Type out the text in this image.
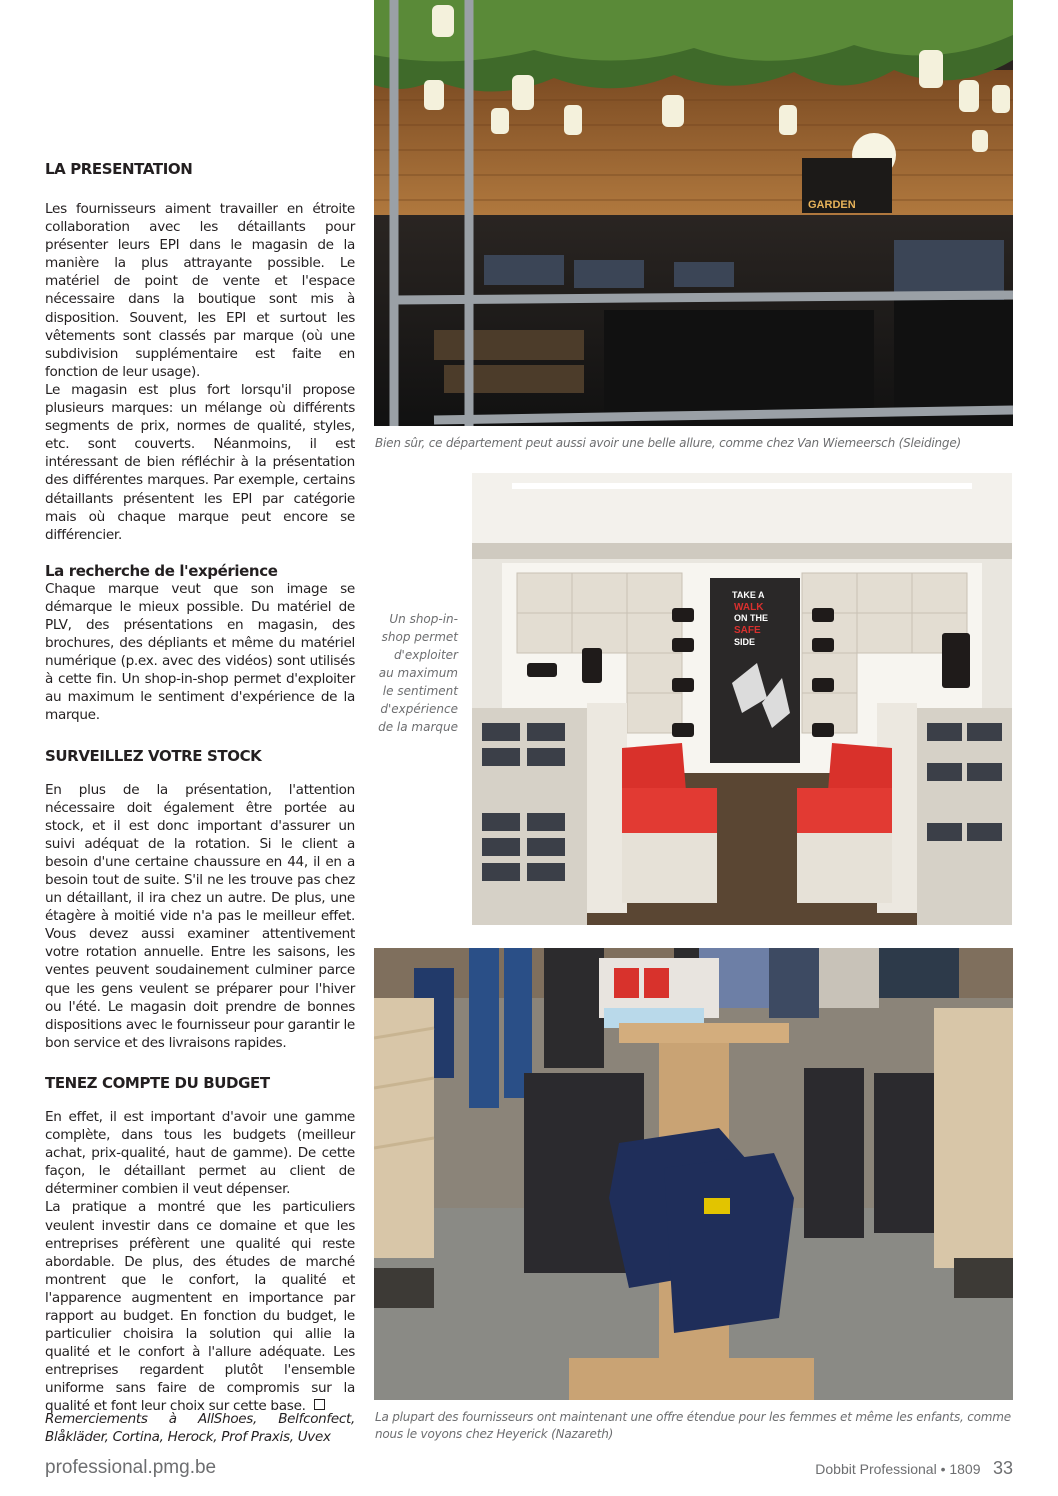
LA PRESENTATION

Les fournisseurs aiment travailler en étroite collaboration avec les détaillants pour présenter leurs EPI dans le magasin de la manière la plus attrayante possible. Le matériel de point de vente et l'espace nécessaire dans la boutique sont mis à disposition. Souvent, les EPI et surtout les vêtements sont classés par marque (où une subdivision supplémentaire est faite en fonction de leur usage).

Le magasin est plus fort lorsqu'il propose plusieurs marques: un mélange où différents segments de prix, normes de qualité, styles, etc. sont couverts. Néanmoins, il est intéressant de bien réfléchir à la présentation des différentes marques. Par exemple, certains détaillants présentent les EPI par catégorie mais où chaque marque peut encore se différencier.

La recherche de l'expérience

Chaque marque veut que son image se démarque le mieux possible. Du matériel de PLV, des présentations en magasin, des brochures, des dépliants et même du matériel numérique (p.ex. avec des vidéos) sont utilisés à cette fin. Un shop-in-shop permet d'exploiter au maximum le sentiment d'expérience de la marque.

SURVEILLEZ VOTRE STOCK

En plus de la présentation, l'attention nécessaire doit également être portée au stock, et il est donc important d'assurer un suivi adéquat de la rotation. Si le client a besoin d'une certaine chaussure en 44, il en a besoin tout de suite. S'il ne les trouve pas chez un détaillant, il ira chez un autre. De plus, une étagère à moitié vide n'a pas le meilleur effet. Vous devez aussi examiner attentivement votre rotation annuelle. Entre les saisons, les ventes peuvent soudainement culminer parce que les gens veulent se préparer pour l'hiver ou l'été. Le magasin doit prendre de bonnes dispositions avec le fournisseur pour garantir le bon service et des livraisons rapides.

TENEZ COMPTE DU BUDGET

En effet, il est important d'avoir une gamme complète, dans tous les budgets (meilleur achat, prix-qualité, haut de gamme). De cette façon, le détaillant permet au client de déterminer combien il veut dépenser.

La pratique a montré que les particuliers veulent investir dans ce domaine et que les entreprises préfèrent une qualité qui reste abordable. De plus, des études de marché montrent que le confort, la qualité et l'apparence augmentent en importance par rapport au budget. En fonction du budget, le particulier choisira la solution qui allie la qualité et le confort à l'allure adéquate. Les entreprises regardent plutôt l'ensemble uniforme sans faire de compromis sur la qualité et font leur choix sur cette base.

Remerciements à AllShoes, Belfconfect, Blåkläder, Cortina, Herock, Prof Praxis, Uvex
GARDEN
Bien sûr, ce département peut aussi avoir une belle allure, comme chez Van Wiemeersch (Sleidinge)
Un shop-in-shop permet d'exploiter au maximum le sentiment d'expérience de la marque
TAKE A
WALK
ON THE
SAFE
SIDE
La plupart des fournisseurs ont maintenant une offre étendue pour les femmes et même les enfants, comme nous le voyons chez Heyerick (Nazareth)
professional.pmg.be	Dobbit Professional • 1809 33
